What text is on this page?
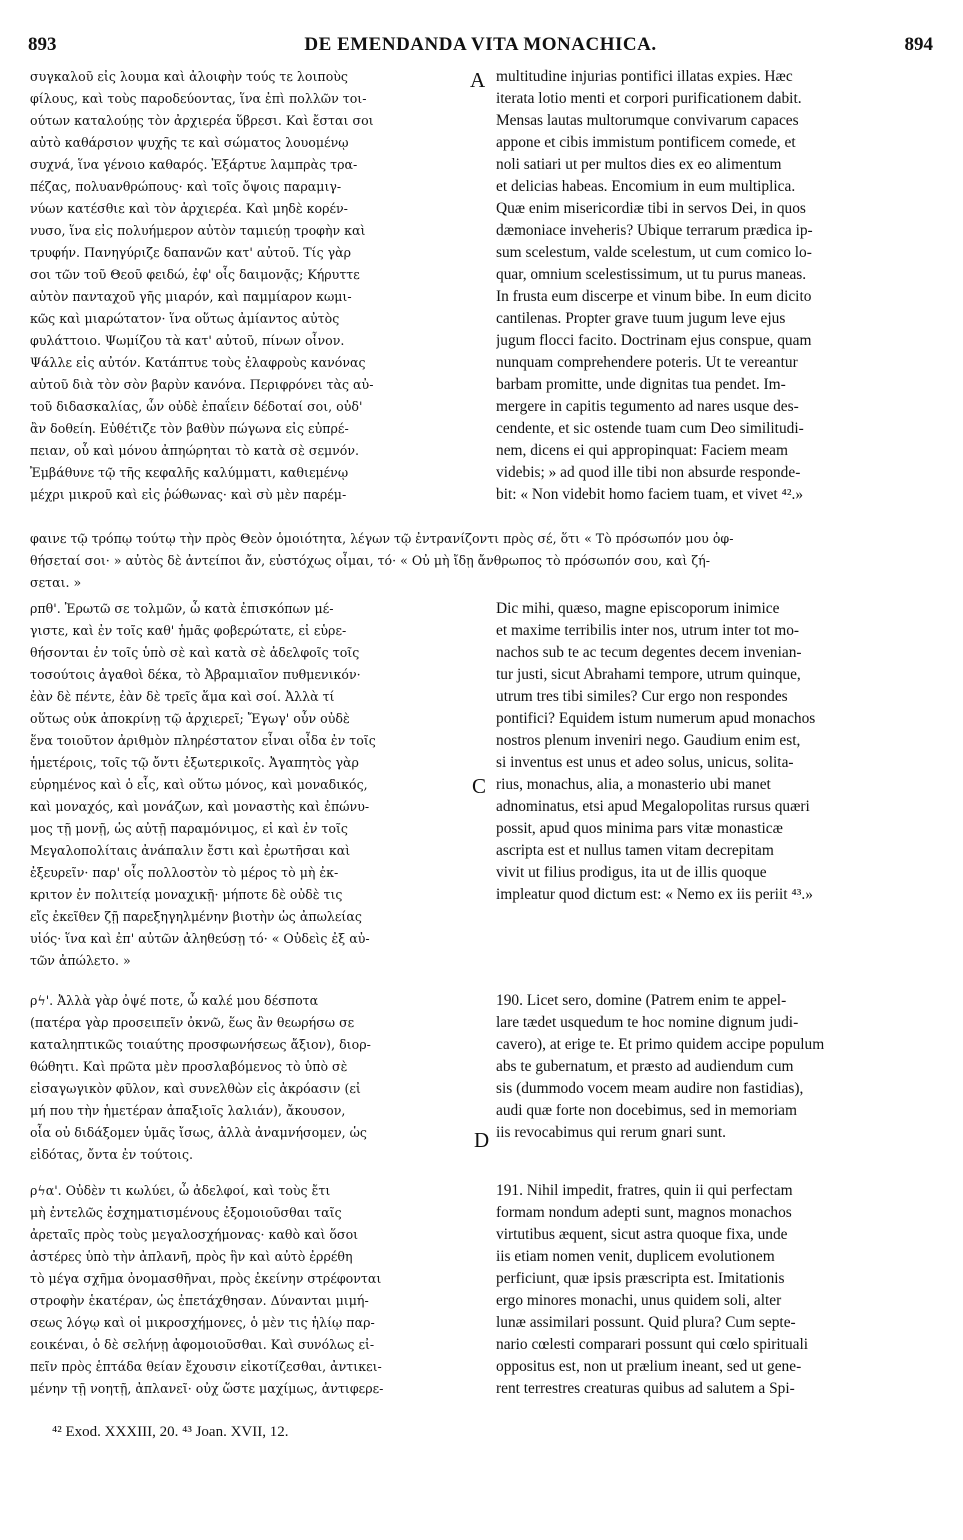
893	DE EMENDANDA VITA MONACHICA.	894
συγκαλοῦ εἰς λουμα καὶ ἀλοιφὴν τούς τε λοιποὺς
φίλους, καὶ τοὺς παροδεύοντας, ἵνα ἐπὶ πολλῶν τοι-
ούτων καταλούῃς τὸν ἀρχιερέα ὕβρεσι. Καὶ ἔσται σοι
αὐτὸ καθάρσιον ψυχῆς τε καὶ σώματος λουομένῳ
συχνά, ἵνα γένοιο καθαρός. Ἐξάρτυε λαμπρὰς τρα-
πέζας, πολυανθρώπους· καὶ τοῖς ὄψοις παραμιγ-
νύων κατέσθιε καὶ τὸν ἀρχιερέα. Καὶ μηδὲ κορέν-
νυσο, ἵνα εἰς πολυήμερον αὐτὸν ταμιεύῃ τροφὴν καὶ
τρυφήν. Πανηγύριζε δαπανῶν κατ' αὐτοῦ. Τίς γὰρ
σοι τῶν τοῦ Θεοῦ φειδώ, ἐφ' οἷς δαιμονᾷς; Κήρυττε
αὐτὸν πανταχοῦ γῆς μιαρόν, καὶ παμμίαρον κωμι-
κῶς καὶ μιαρώτατον· ἵνα οὕτως ἀμίαντος αὐτὸς
φυλάττοιο. Ψωμίζου τὰ κατ' αὐτοῦ, πίνων οἶνον.
Ψάλλε εἰς αὐτόν. Κατάπτυε τοὺς ἐλαφροὺς κανόνας
αὐτοῦ διὰ τὸν σὸν βαρὺν κανόνα. Περιφρόνει τὰς αὐ-
τοῦ διδασκαλίας, ὧν οὐδὲ ἐπαΐειν δέδοταί σοι, οὐδ'
ἂν δοθείη. Εὐθέτιζε τὸν βαθὺν πώγωνα εἰς εὐπρέ-
πειαν, οὗ καὶ μόνου ἀπηώρηται τὸ κατὰ σὲ σεμνόν.
Ἐμβάθυνε τῷ τῆς κεφαλῆς καλύμματι, καθιεμένῳ
μέχρι μικροῦ καὶ εἰς ῥώθωνας· καὶ σὺ μὲν παρέμ-
A multitudine injurias pontifici illatas expies. Hæc
iterata lotio menti et corpori purificationem dabit.
Mensas lautas multorumque convivarum capaces
appone et cibis immistum pontificem comede, et
noli satiari ut per multos dies ex eo alimentum
et delicias habeas. Encomium in eum multiplica.
Quæ enim misericordiæ tibi in servos Dei, in quos
dæmoniace inveheris? Ubique terrarum prædica ip-
sum scelestum, valde scelestum, ut cum comico lo-
quar, omnium scelestissimum, ut tu purus maneas.
In frusta eum discerpe et vinum bibe. In eum dicito
cantilenas. Propter grave tuum jugum leve ejus
jugum flocci facito. Doctrinam ejus conspue, quam
nunquam comprehendere poteris. Ut te vereantur
barbam promitte, unde dignitas tua pendet. Im-
mergere in capitis tegumento ad nares usque des-
cendente, et sic ostende tuam cum Deo similitudi-
nem, dicens ei qui appropinquat: Faciem meam
videbis; » ad quod ille tibi non absurde responde-
bit: « Non videbit homo faciem tuam, et vivet ⁴².»
φαινε τῷ τρόπῳ τούτῳ τὴν πρὸς Θεὸν ὁμοιότητα, λέγων τῷ ἐντρανίζοντι πρὸς σέ, ὅτι « Τὸ πρόσωπόν μου ὀφ-
θήσεταί σοι· » αὐτὸς δὲ ἀντείποι ἄν, εὐστόχως οἶμαι, τό· « Οὐ μὴ ἴδῃ ἄνθρωπος τὸ πρόσωπόν σου, καὶ ζή-
σεται. »
ρπθ'. Ἐρωτῶ σε τολμῶν, ὦ κατὰ ἐπισκόπων μέ-
γιστε, καὶ ἐν τοῖς καθ' ἡμᾶς φοβερώτατε, εἰ εὑρε-
θήσονται ἐν τοῖς ὑπὸ σὲ καὶ κατὰ σὲ ἀδελφοῖς τοῖς
τοσούτοις ἀγαθοὶ δέκα, τὸ Ἀβραμιαῖον πυθμενικόν·
ἐὰν δὲ πέντε, ἐὰν δὲ τρεῖς ἅμα καὶ σοί. Ἀλλὰ τί
οὕτως οὐκ ἀποκρίνῃ τῷ ἀρχιερεῖ; Ἔγωγ' οὖν οὐδὲ
ἕνα τοιοῦτον ἀριθμὸν πληρέστατον εἶναι οἶδα ἐν τοῖς
ἡμετέροις, τοῖς τῷ ὄντι ἐξωτερικοῖς. Ἀγαπητὸς γὰρ
εὑρημένος καὶ ὁ εἷς, καὶ οὕτω μόνος, καὶ μοναδικός,
καὶ μοναχός, καὶ μονάζων, καὶ μοναστὴς καὶ ἐπώνυ-
μος τῇ μονῇ, ὡς αὐτῇ παραμόνιμος, εἰ καὶ ἐν τοῖς
Μεγαλοπολίταις ἀνάπαλιν ἔστι καὶ ἐρωτῆσαι καὶ
ἐξευρεῖν· παρ' οἷς πολλοστὸν τὸ μέρος τὸ μὴ ἐκ-
κριτον ἐν πολιτείᾳ μοναχικῇ· μήποτε δὲ οὐδὲ τις
εἴς ἐκεῖθεν ζῇ παρεξηγηλμένην βιοτὴν ὡς ἀπωλείας
υἱός· ἵνα καὶ ἐπ' αὐτῶν ἀληθεύσῃ τό· « Οὐδεὶς ἐξ αὐ-
τῶν ἀπώλετο. »
C
Dic mihi, quæso, magne episcoporum inimice
et maxime terribilis inter nos, utrum inter tot mo-
nachos sub te ac tecum degentes decem invenian-
tur justi, sicut Abrahami tempore, utrum quinque,
utrum tres tibi similes? Cur ergo non respondes
pontifici? Equidem istum numerum apud monachos
nostros plenum inveniri nego. Gaudium enim est,
si inventus est unus et adeo solus, unicus, solita-
rius, monachus, alia, a monasterio ubi manet
adnominatus, etsi apud Megalopolitas rursus quæri
possit, apud quos minima pars vitæ monasticæ
ascripta est et nullus tamen vitam decrepitam
vivit ut filius prodigus, ita ut de illis quoque
impleatur quod dictum est: « Nemo ex iis periit ⁴³.»
ρϟ'. Ἀλλὰ γὰρ ὀψέ ποτε, ὦ καλέ μου δέσποτα
(πατέρα γὰρ προσειπεῖν ὀκνῶ, ἕως ἂν θεωρήσω σε
καταληπτικῶς τοιαύτης προσφωνήσεως ἄξιον), διορ-
θώθητι. Καὶ πρῶτα μὲν προσλαβόμενος τὸ ὑπὸ σὲ
εἰσαγωγικὸν φῦλον, καὶ συνελθὼν εἰς ἀκρόασιν (εἰ
μή που τὴν ἡμετέραν ἀπαξιοῖς λαλιάν), ἄκουσον,
οἷα οὐ διδάξομεν ὑμᾶς ἴσως, ἀλλὰ ἀναμνήσομεν, ὡς
εἰδότας, ὄντα ἐν τούτοις.
D
190. Licet sero, domine (Patrem enim te appel-
lare tædet usquedum te hoc nomine dignum judi-
cavero), at erige te. Et primo quidem accipe populum
abs te gubernatum, et præsto ad audiendum cum
sis (dummodo vocem meam audire non fastidias),
audi quæ forte non docebimus, sed in memoriam
iis revocabimus qui rerum gnari sunt.
ρϟα'. Οὐδὲν τι κωλύει, ὦ ἀδελφοί, καὶ τοὺς ἔτι
μὴ ἐντελῶς ἐσχηματισμένους ἐξομοιοῦσθαι ταῖς
ἀρεταῖς πρὸς τοὺς μεγαλοσχήμονας· καθὸ καὶ ὅσοι
ἀστέρες ὑπὸ τὴν ἀπλανῆ, πρὸς ἣν καὶ αὐτὸ ἐρρέθη
τὸ μέγα σχῆμα ὀνομασθῆναι, πρὸς ἐκείνην στρέφονται
στροφὴν ἑκατέραν, ὡς ἐπετάχθησαν. Δύνανται μιμή-
σεως λόγῳ καὶ οἱ μικροσχήμονες, ὁ μὲν τις ἡλίῳ παρ-
εοικέναι, ὁ δὲ σελήνῃ ἀφομοιοῦσθαι. Καὶ συνόλως εἰ-
πεῖν πρὸς ἑπτάδα θείαν ἔχουσιν εἰκοτίζεσθαι, ἀντικει-
μένην τῇ νοητῇ, ἀπλανεῖ· οὐχ ὥστε μαχίμως, ἀντιφερε-
191. Nihil impedit, fratres, quin ii qui perfectam
formam nondum adepti sunt, magnos monachos
virtutibus æquent, sicut astra quoque fixa, unde
iis etiam nomen venit, duplicem evolutionem
perficiunt, quæ ipsis præscripta est. Imitationis
ergo minores monachi, unus quidem soli, alter
lunæ assimilari possunt. Quid plura? Cum septe-
nario cœlesti comparari possunt qui cœlo spirituali
oppositus est, non ut prælium ineant, sed ut gene-
rent terrestres creaturas quibus ad salutem a Spi-
⁴² Exod. XXXIII, 20. ⁴³ Joan. XVII, 12.
